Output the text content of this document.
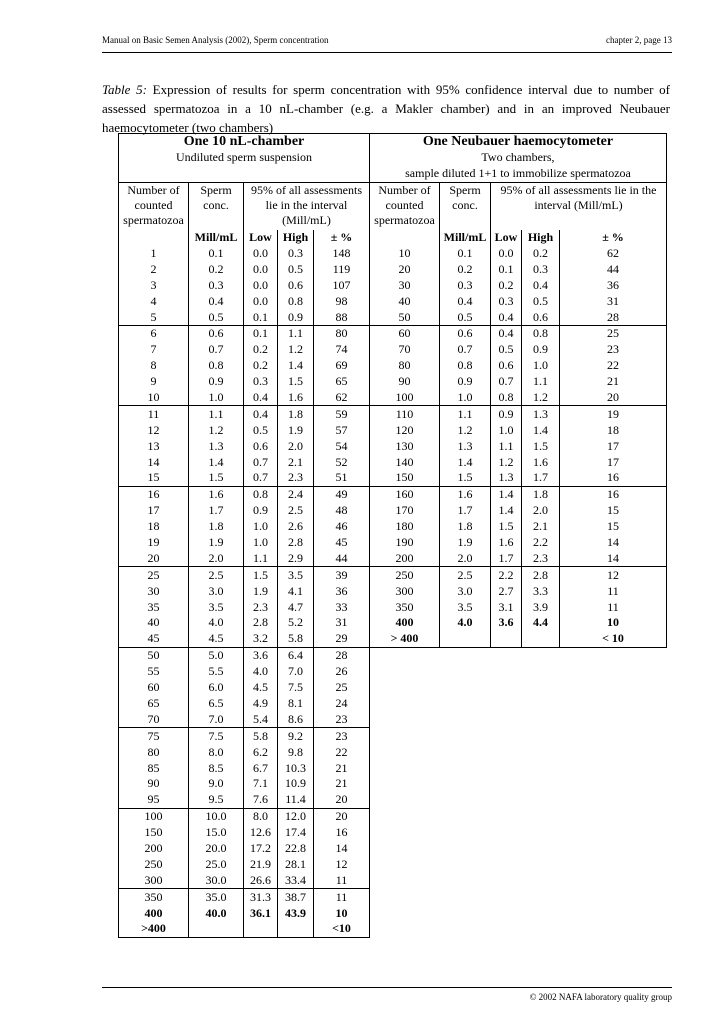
Manual on Basic Semen Analysis (2002), Sperm concentration	chapter 2, page 13
Table 5: Expression of results for sperm concentration with 95% confidence interval due to number of assessed spermatozoa in a 10 nL-chamber (e.g. a Makler chamber) and in an improved Neubauer haemocytometer (two chambers)
One 10 nL-chamber					One Neubauer haemocytometer				
Undiluted sperm suspension					Two chambers,				
					sample diluted 1+1 to immobilize spermatozoa				
Number of counted spermatozoa	Sperm conc.	95% of all assessments lie in the interval (Mill/mL)			Number of counted spermatozoa	Sperm conc.	95% of all assessments lie in the interval (Mill/mL)		

	Mill/mL	Low	High	± %		Mill/mL	Low	High	± %
1	0.1	0.0	0.3	148	10	0.1	0.0	0.2	62
2	0.2	0.0	0.5	119	20	0.2	0.1	0.3	44
3	0.3	0.0	0.6	107	30	0.3	0.2	0.4	36
4	0.4	0.0	0.8	98	40	0.4	0.3	0.5	31
5	0.5	0.1	0.9	88	50	0.5	0.4	0.6	28
6	0.6	0.1	1.1	80	60	0.6	0.4	0.8	25
7	0.7	0.2	1.2	74	70	0.7	0.5	0.9	23
8	0.8	0.2	1.4	69	80	0.8	0.6	1.0	22
9	0.9	0.3	1.5	65	90	0.9	0.7	1.1	21
10	1.0	0.4	1.6	62	100	1.0	0.8	1.2	20
11	1.1	0.4	1.8	59	110	1.1	0.9	1.3	19
12	1.2	0.5	1.9	57	120	1.2	1.0	1.4	18
13	1.3	0.6	2.0	54	130	1.3	1.1	1.5	17
14	1.4	0.7	2.1	52	140	1.4	1.2	1.6	17
15	1.5	0.7	2.3	51	150	1.5	1.3	1.7	16
16	1.6	0.8	2.4	49	160	1.6	1.4	1.8	16
17	1.7	0.9	2.5	48	170	1.7	1.4	2.0	15
18	1.8	1.0	2.6	46	180	1.8	1.5	2.1	15
19	1.9	1.0	2.8	45	190	1.9	1.6	2.2	14
20	2.0	1.1	2.9	44	200	2.0	1.7	2.3	14
25	2.5	1.5	3.5	39	250	2.5	2.2	2.8	12
30	3.0	1.9	4.1	36	300	3.0	2.7	3.3	11
35	3.5	2.3	4.7	33	350	3.5	3.1	3.9	11
40	4.0	2.8	5.2	31	400	4.0	3.6	4.4	10
45	4.5	3.2	5.8	29	> 400				< 10
50	5.0	3.6	6.4	28					
55	5.5	4.0	7.0	26					
60	6.0	4.5	7.5	25					
65	6.5	4.9	8.1	24					
70	7.0	5.4	8.6	23					
75	7.5	5.8	9.2	23					
80	8.0	6.2	9.8	22					
85	8.5	6.7	10.3	21					
90	9.0	7.1	10.9	21					
95	9.5	7.6	11.4	20					
100	10.0	8.0	12.0	20					
150	15.0	12.6	17.4	16					
200	20.0	17.2	22.8	14					
250	25.0	21.9	28.1	12					
300	30.0	26.6	33.4	11					
350	35.0	31.3	38.7	11					
400	40.0	36.1	43.9	10					
>400				<10					
© 2002 NAFA laboratory quality group
